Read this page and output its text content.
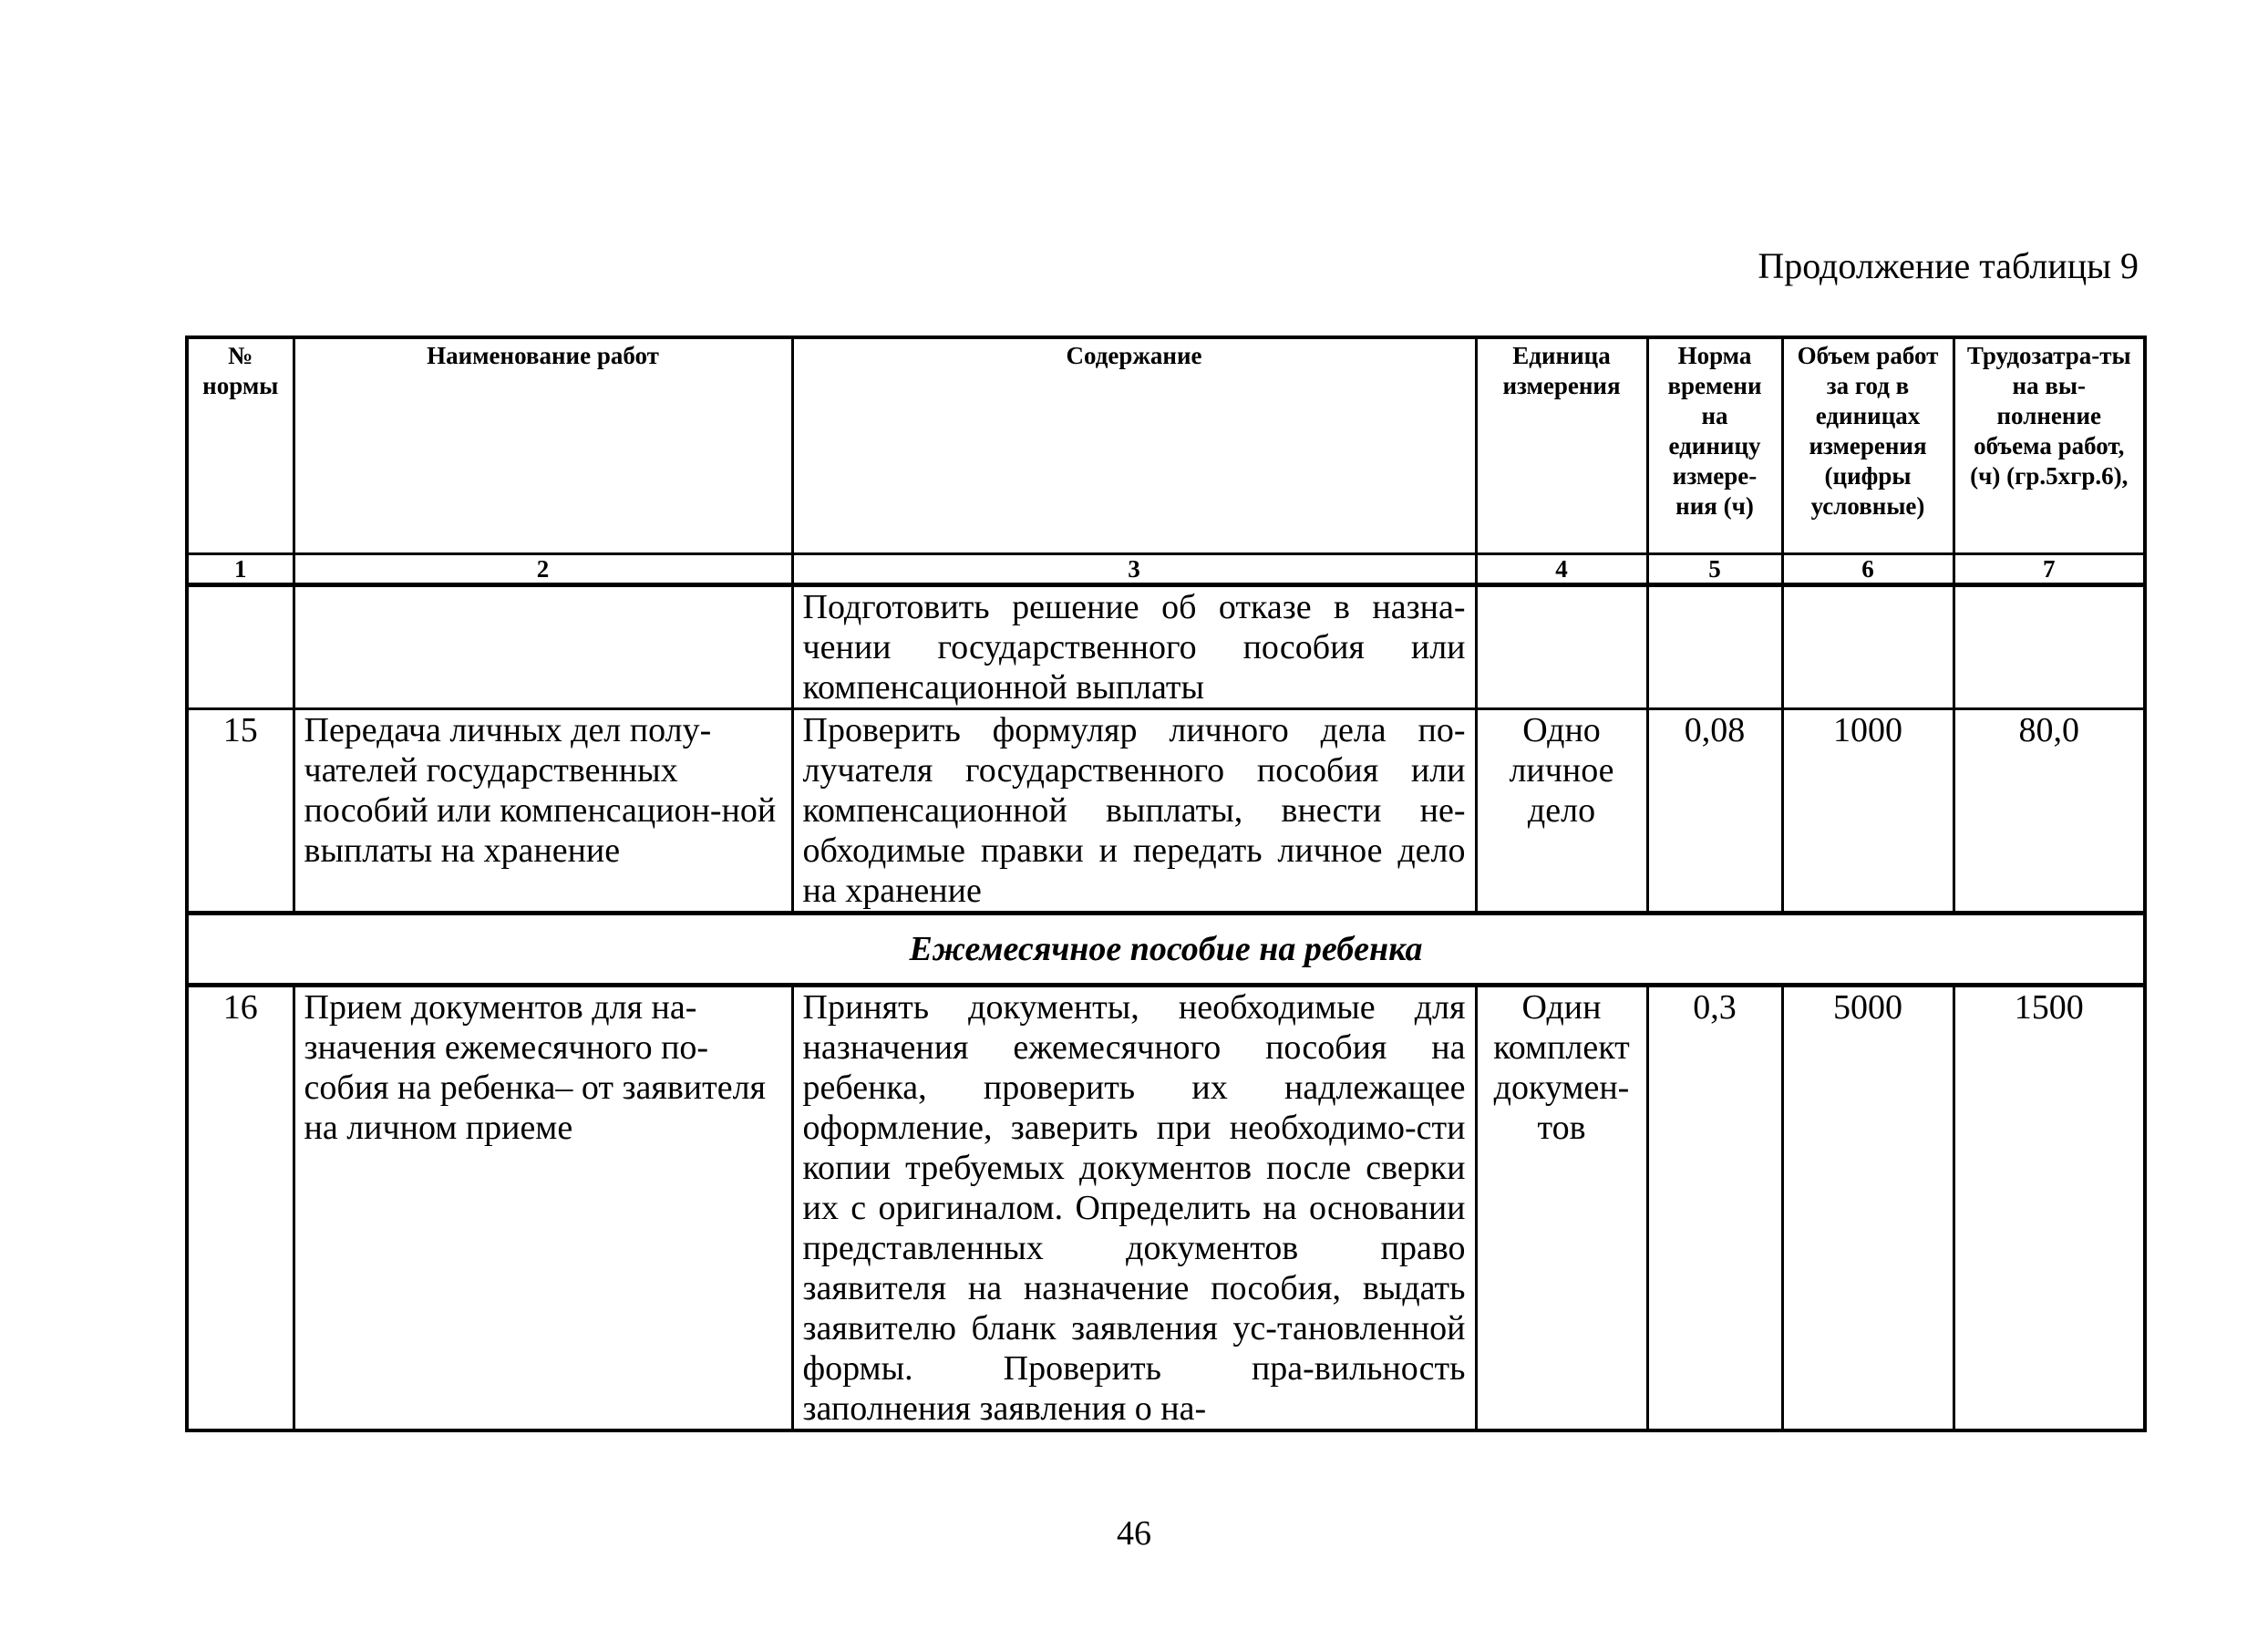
Продолжение таблицы 9
№ нормы	Наименование работ	Содержание	Единица измерения	Норма времени на единицу измере-ния (ч)	Объем работ за год в единицах измерения (цифры условные)	Трудозатра-ты на вы-полнение объема работ, (ч) (гр.5хгр.6),
1	2	3	4	5	6	7
		Подготовить решение об отказе в назна-чении государственного пособия или компенсационной выплаты				
15	Передача личных дел полу-чателей государственных пособий или компенсацион-ной выплаты на хранение	Проверить формуляр личного дела по-лучателя государственного пособия или компенсационной выплаты, внести не-обходимые правки и передать личное дело на хранение	Одно личное дело	0,08	1000	80,0
Ежемесячное пособие на ребенка						
16	Прием документов для на-значения ежемесячного по-собия на ребенка– от заявителя на личном приеме	Принять документы, необходимые для назначения ежемесячного пособия на ребенка, проверить их надлежащее оформление, заверить при необходимо-сти копии требуемых документов после сверки их с оригиналом. Определить на основании представленных документов право заявителя на назначение пособия, выдать заявителю бланк заявления ус-тановленной формы. Проверить пра-вильность заполнения заявления о на-	Один комплект докумен-тов	0,3	5000	1500
46
